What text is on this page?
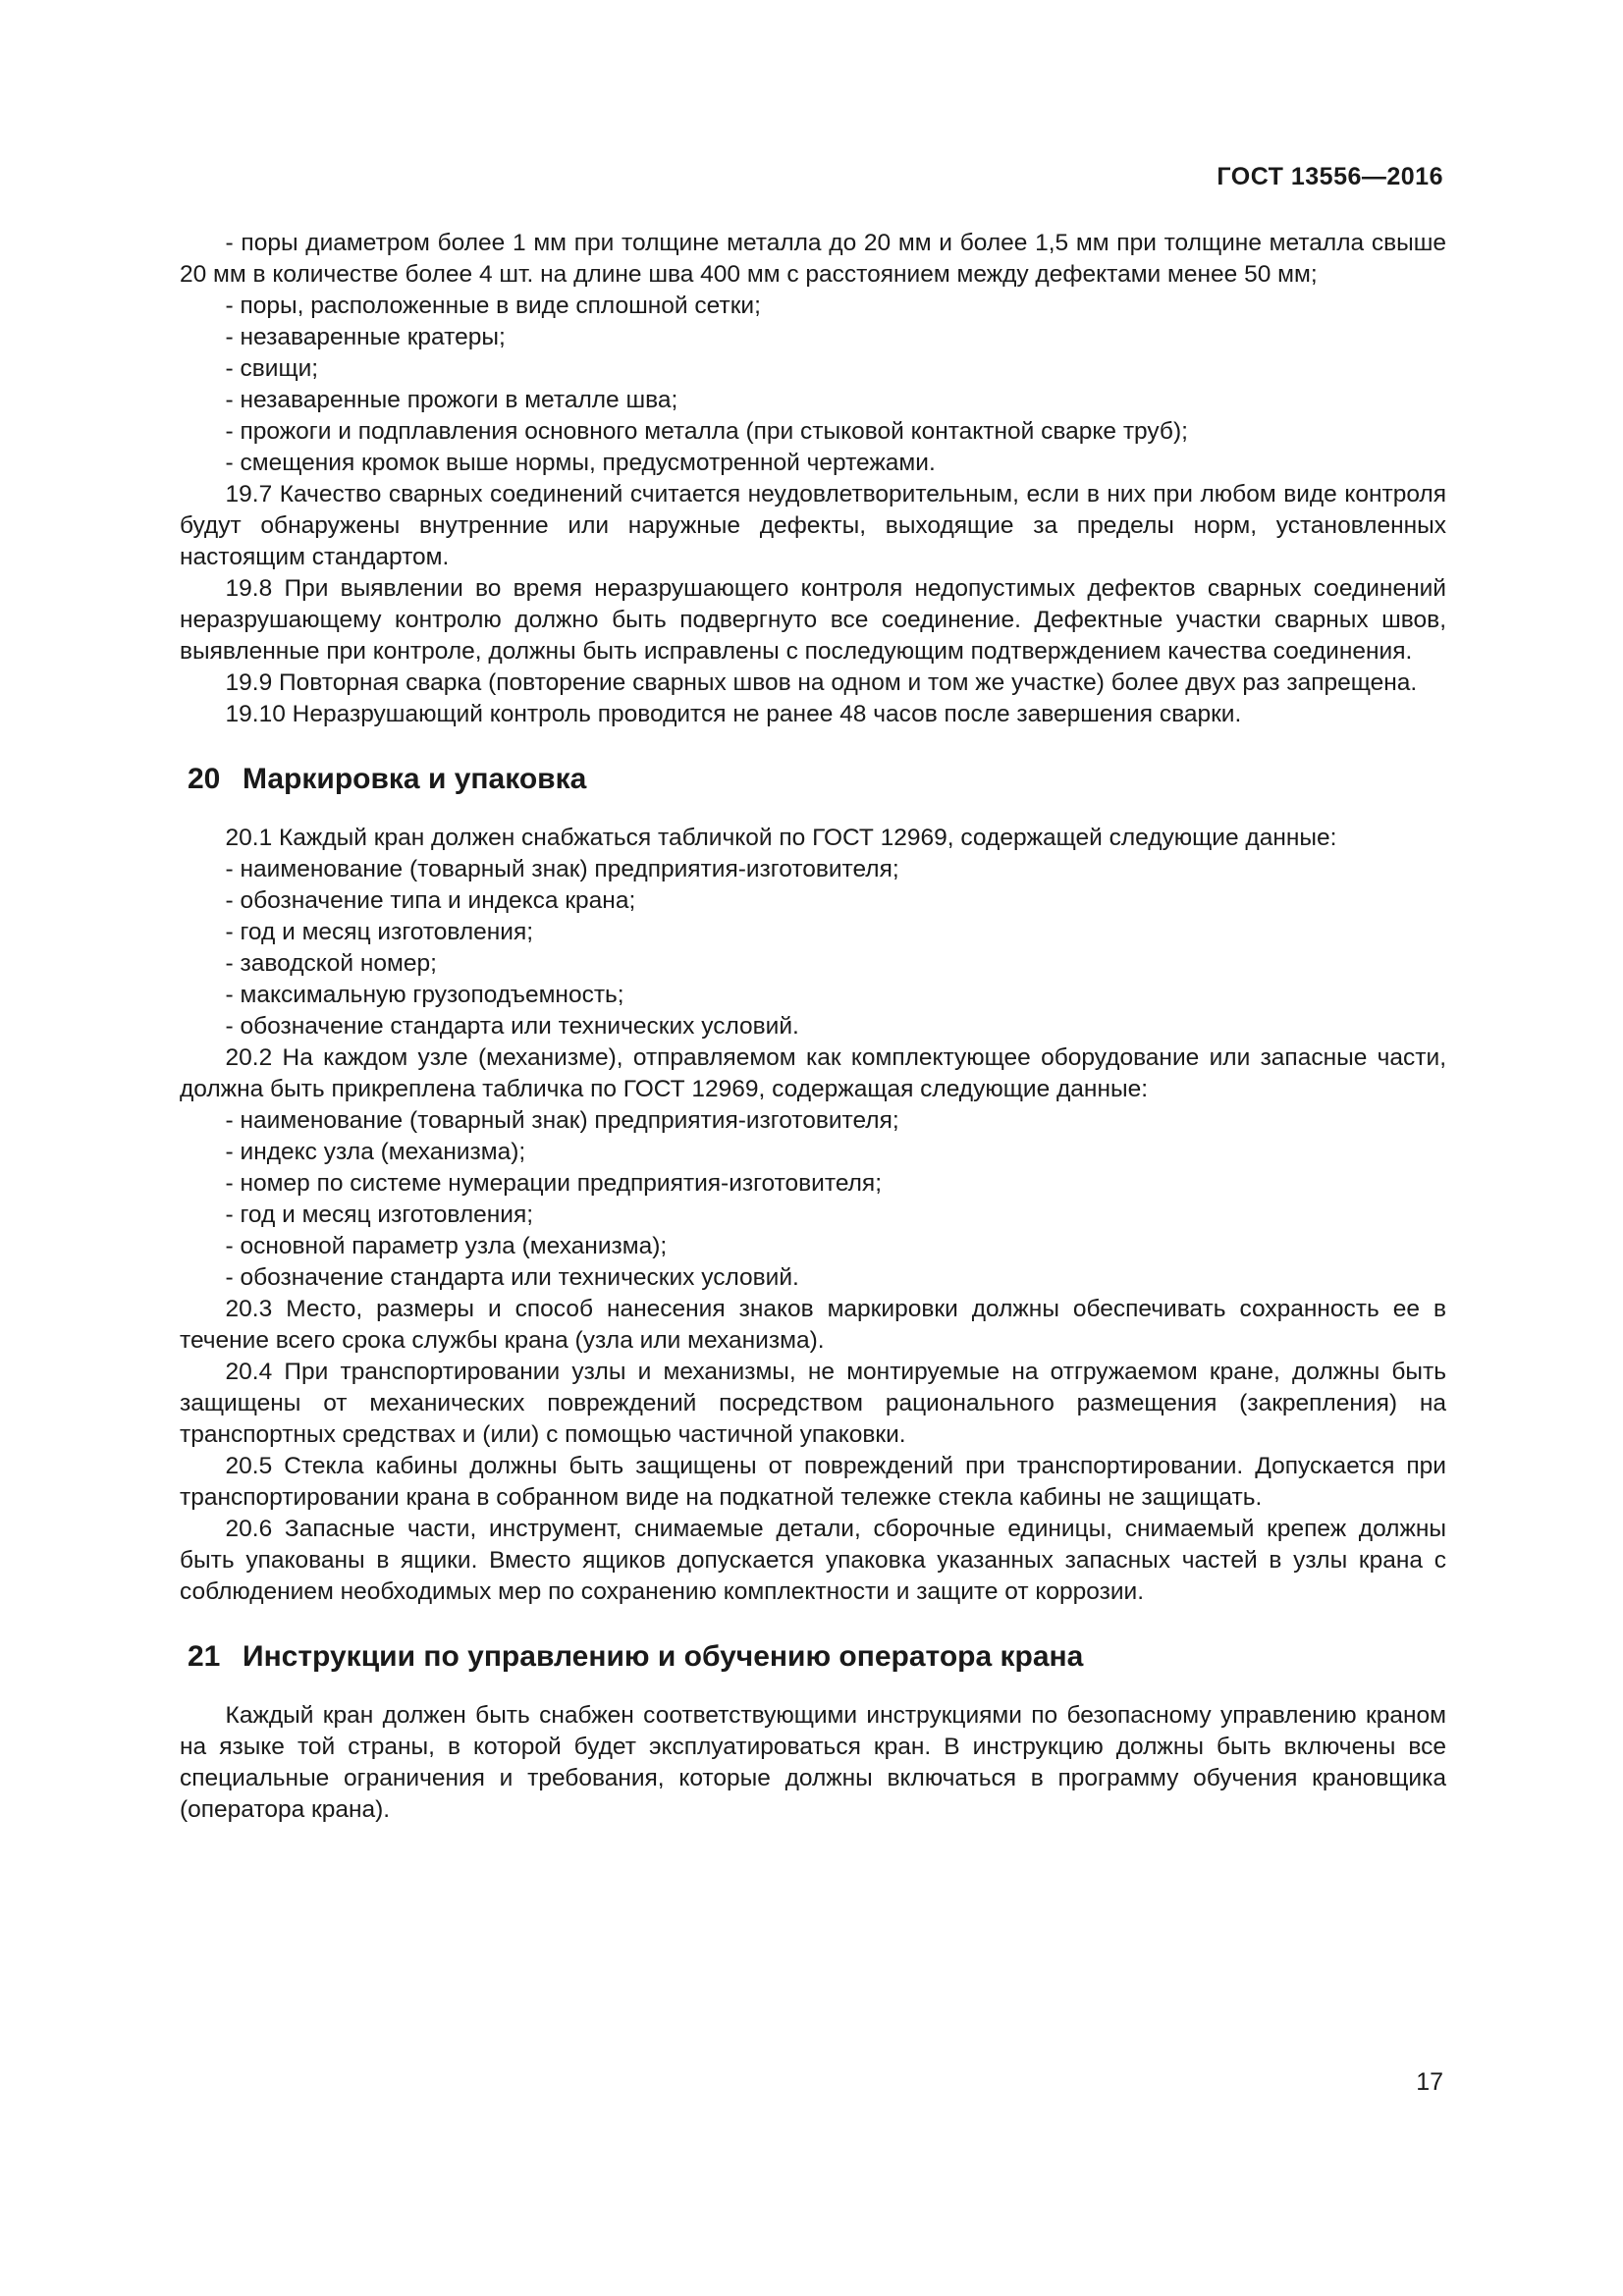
ГОСТ 13556—2016

- поры диаметром более 1 мм при толщине металла до 20 мм и более 1,5 мм при толщине металла свыше 20 мм в количестве более 4 шт. на длине шва 400 мм с расстоянием между дефектами менее 50 мм;

- поры, расположенные в виде сплошной сетки;

- незаваренные кратеры;

- свищи;

- незаваренные прожоги в металле шва;

- прожоги и подплавления основного металла (при стыковой контактной сварке труб);

- смещения кромок выше нормы, предусмотренной чертежами.

19.7 Качество сварных соединений считается неудовлетворительным, если в них при любом виде контроля будут обнаружены внутренние или наружные дефекты, выходящие за пределы норм, установленных настоящим стандартом.

19.8 При выявлении во время неразрушающего контроля недопустимых дефектов сварных соединений неразрушающему контролю должно быть подвергнуто все соединение. Дефектные участки сварных швов, выявленные при контроле, должны быть исправлены с последующим подтверждением качества соединения.

19.9 Повторная сварка (повторение сварных швов на одном и том же участке) более двух раз запрещена.

19.10 Неразрушающий контроль проводится не ранее 48 часов после завершения сварки.

20 Маркировка и упаковка

20.1 Каждый кран должен снабжаться табличкой по ГОСТ 12969, содержащей следующие данные:

- наименование (товарный знак) предприятия-изготовителя;

- обозначение типа и индекса крана;

- год и месяц изготовления;

- заводской номер;

- максимальную грузоподъемность;

- обозначение стандарта или технических условий.

20.2 На каждом узле (механизме), отправляемом как комплектующее оборудование или запасные части, должна быть прикреплена табличка по ГОСТ 12969, содержащая следующие данные:

- наименование (товарный знак) предприятия-изготовителя;

- индекс узла (механизма);

- номер по системе нумерации предприятия-изготовителя;

- год и месяц изготовления;

- основной параметр узла (механизма);

- обозначение стандарта или технических условий.

20.3 Место, размеры и способ нанесения знаков маркировки должны обеспечивать сохранность ее в течение всего срока службы крана (узла или механизма).

20.4 При транспортировании узлы и механизмы, не монтируемые на отгружаемом кране, должны быть защищены от механических повреждений посредством рационального размещения (закрепления) на транспортных средствах и (или) с помощью частичной упаковки.

20.5 Стекла кабины должны быть защищены от повреждений при транспортировании. Допускается при транспортировании крана в собранном виде на подкатной тележке стекла кабины не защищать.

20.6 Запасные части, инструмент, снимаемые детали, сборочные единицы, снимаемый крепеж должны быть упакованы в ящики. Вместо ящиков допускается упаковка указанных запасных частей в узлы крана с соблюдением необходимых мер по сохранению комплектности и защите от коррозии.

21 Инструкции по управлению и обучению оператора крана

Каждый кран должен быть снабжен соответствующими инструкциями по безопасному управлению краном на языке той страны, в которой будет эксплуатироваться кран. В инструкцию должны быть включены все специальные ограничения и требования, которые должны включаться в программу обучения крановщика (оператора крана).

17
